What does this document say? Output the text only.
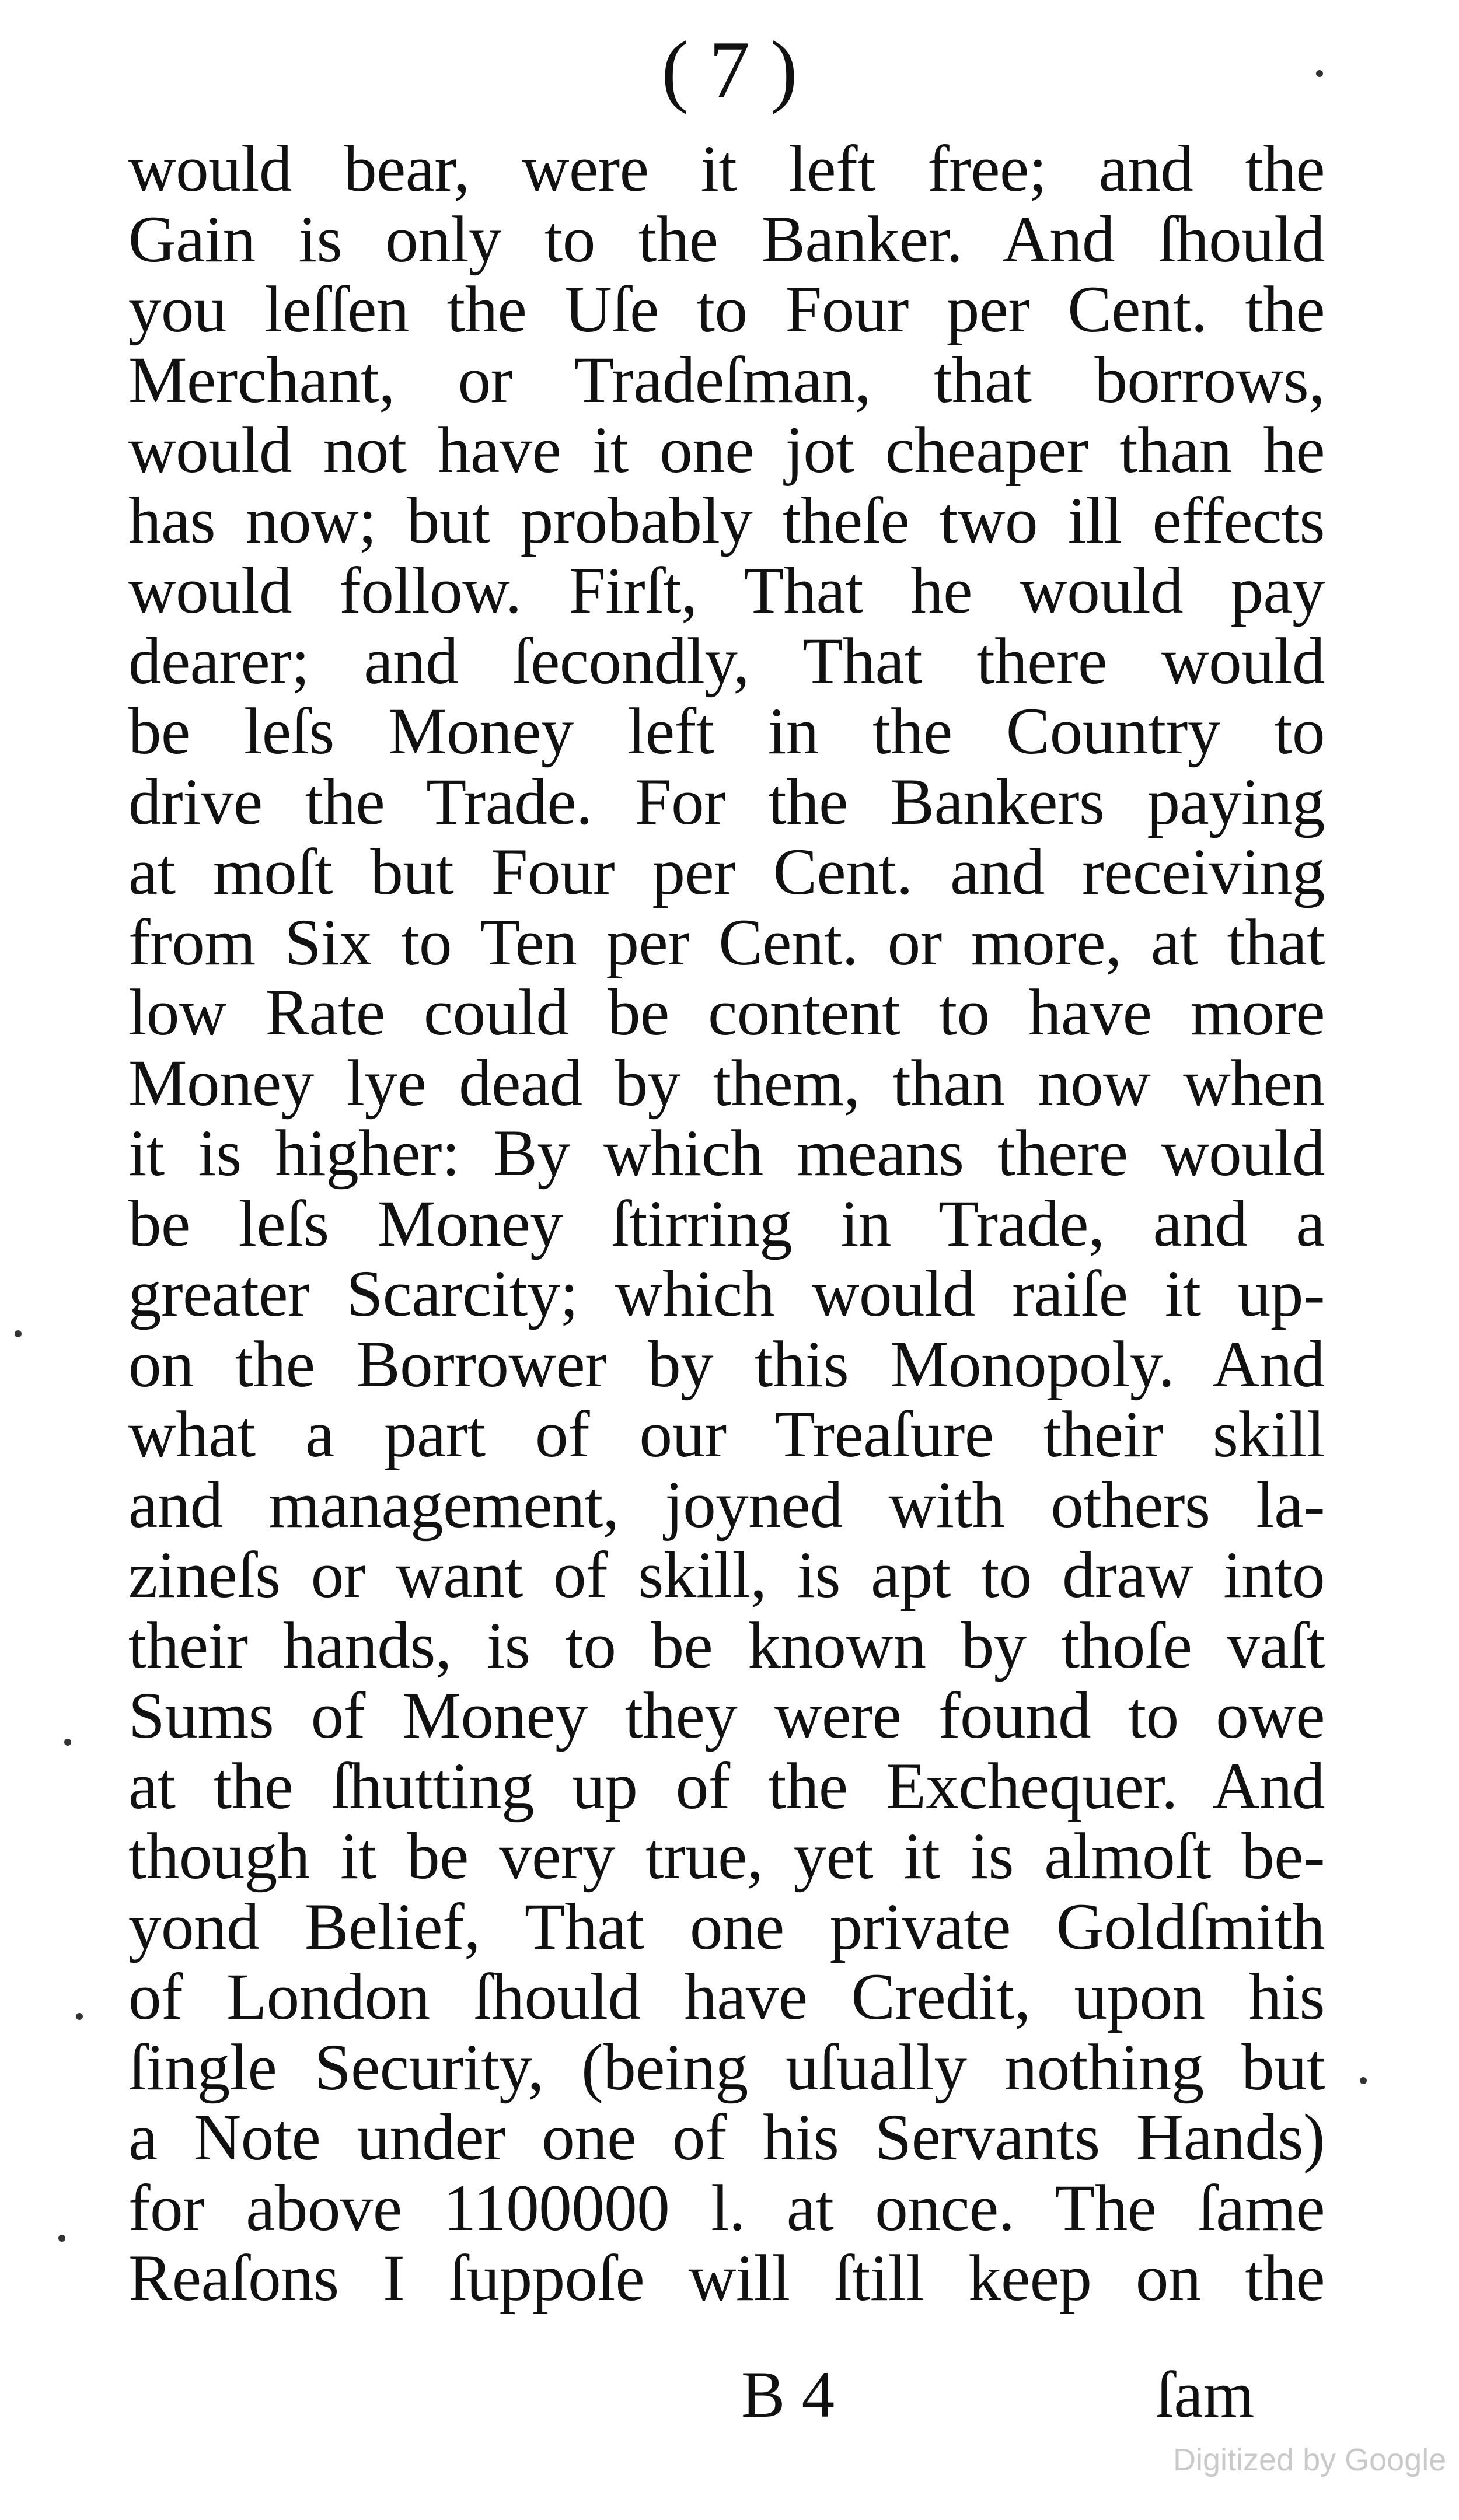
( 7 )
would bear, were it left free; and the
Gain is only to the Banker. And ſhould
you leſſen the Uſe to Four per Cent. the
Merchant, or Tradeſman, that borrows,
would not have it one jot cheaper than he
has now; but probably theſe two ill effects
would follow. Firſt, That he would pay
dearer; and ſecondly, That there would
be leſs Money left in the Country to
drive the Trade. For the Bankers paying
at moſt but Four per Cent. and receiving
from Six to Ten per Cent. or more, at that
low Rate could be content to have more
Money lye dead by them, than now when
it is higher: By which means there would
be leſs Money ſtirring in Trade, and a
greater Scarcity; which would raiſe it up-
on the Borrower by this Monopoly. And
what a part of our Treaſure their skill
and management, joyned with others la-
zineſs or want of skill, is apt to draw into
their hands, is to be known by thoſe vaſt
Sums of Money they were found to owe
at the ſhutting up of the Exchequer. And
though it be very true, yet it is almoſt be-
yond Belief, That one private Goldſmith
of London ſhould have Credit, upon his
ſingle Security, (being uſually nothing but
a Note under one of his Servants Hands)
for above 1100000 l. at once. The ſame
Reaſons I ſuppoſe will ſtill keep on the
B 4	ſam
Digitized by Google
